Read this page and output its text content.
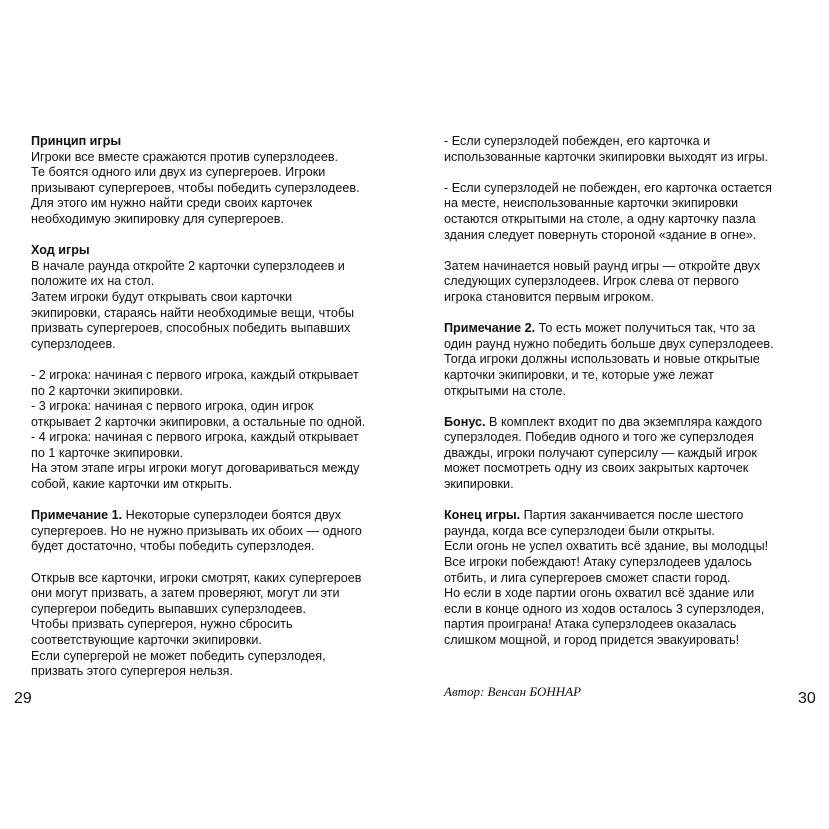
Принцип игры
Игроки все вместе сражаются против суперзлодеев.
Те боятся одного или двух из супергероев. Игроки
призывают супергероев, чтобы победить суперзлодеев.
Для этого им нужно найти среди своих карточек
необходимую экипировку для супергероев.
Ход игры
В начале раунда откройте 2 карточки суперзлодеев и
положите их на стол.
Затем игроки будут открывать свои карточки
экипировки, стараясь найти необходимые вещи, чтобы
призвать супергероев, способных победить выпавших
суперзлодеев.
- 2 игрока: начиная с первого игрока, каждый открывает
по 2 карточки экипировки.
- 3 игрока: начиная с первого игрока, один игрок
открывает 2 карточки экипировки, а остальные по одной.
- 4 игрока: начиная с первого игрока, каждый открывает
по 1 карточке экипировки.
На этом этапе игры игроки могут договариваться между
собой, какие карточки им открыть.
Примечание 1. Некоторые суперзлодеи боятся двух
супергероев. Но не нужно призывать их обоих — одного
будет достаточно, чтобы победить суперзлодея.
Открыв все карточки, игроки смотрят, каких супергероев
они могут призвать, а затем проверяют, могут ли эти
супергерои победить выпавших суперзлодеев.
Чтобы призвать супергероя, нужно сбросить
соответствующие карточки экипировки.
Если супергерой не может победить суперзлодея,
призвать этого супергероя нельзя.
- Если суперзлодей побежден, его карточка и
использованные карточки экипировки выходят из игры.
- Если суперзлодей не побежден, его карточка остается
на месте, неиспользованные карточки экипировки
остаются открытыми на столе, а одну карточку пазла
здания следует повернуть стороной «здание в огне».
Затем начинается новый раунд игры — откройте двух
следующих суперзлодеев. Игрок слева от первого
игрока становится первым игроком.
Примечание 2. То есть может получиться так, что за
один раунд нужно победить больше двух суперзлодеев.
Тогда игроки должны использовать и новые открытые
карточки экипировки, и те, которые уже лежат
открытыми на столе.
Бонус. В комплект входит по два экземпляра каждого
суперзлодея. Победив одного и того же суперзлодея
дважды, игроки получают суперсилу — каждый игрок
может посмотреть одну из своих закрытых карточек
экипировки.
Конец игры. Партия заканчивается после шестого
раунда, когда все суперзлодеи были открыты.
Если огонь не успел охватить всё здание, вы молодцы!
Все игроки побеждают! Атаку суперзлодеев удалось
отбить, и лига супергероев сможет спасти город.
Но если в ходе партии огонь охватил всё здание или
если в конце одного из ходов осталось 3 суперзлодея,
партия проиграна! Атака суперзлодеев оказалась
слишком мощной, и город придется эвакуировать!
Автор: Венсан БОННАР
29	30
